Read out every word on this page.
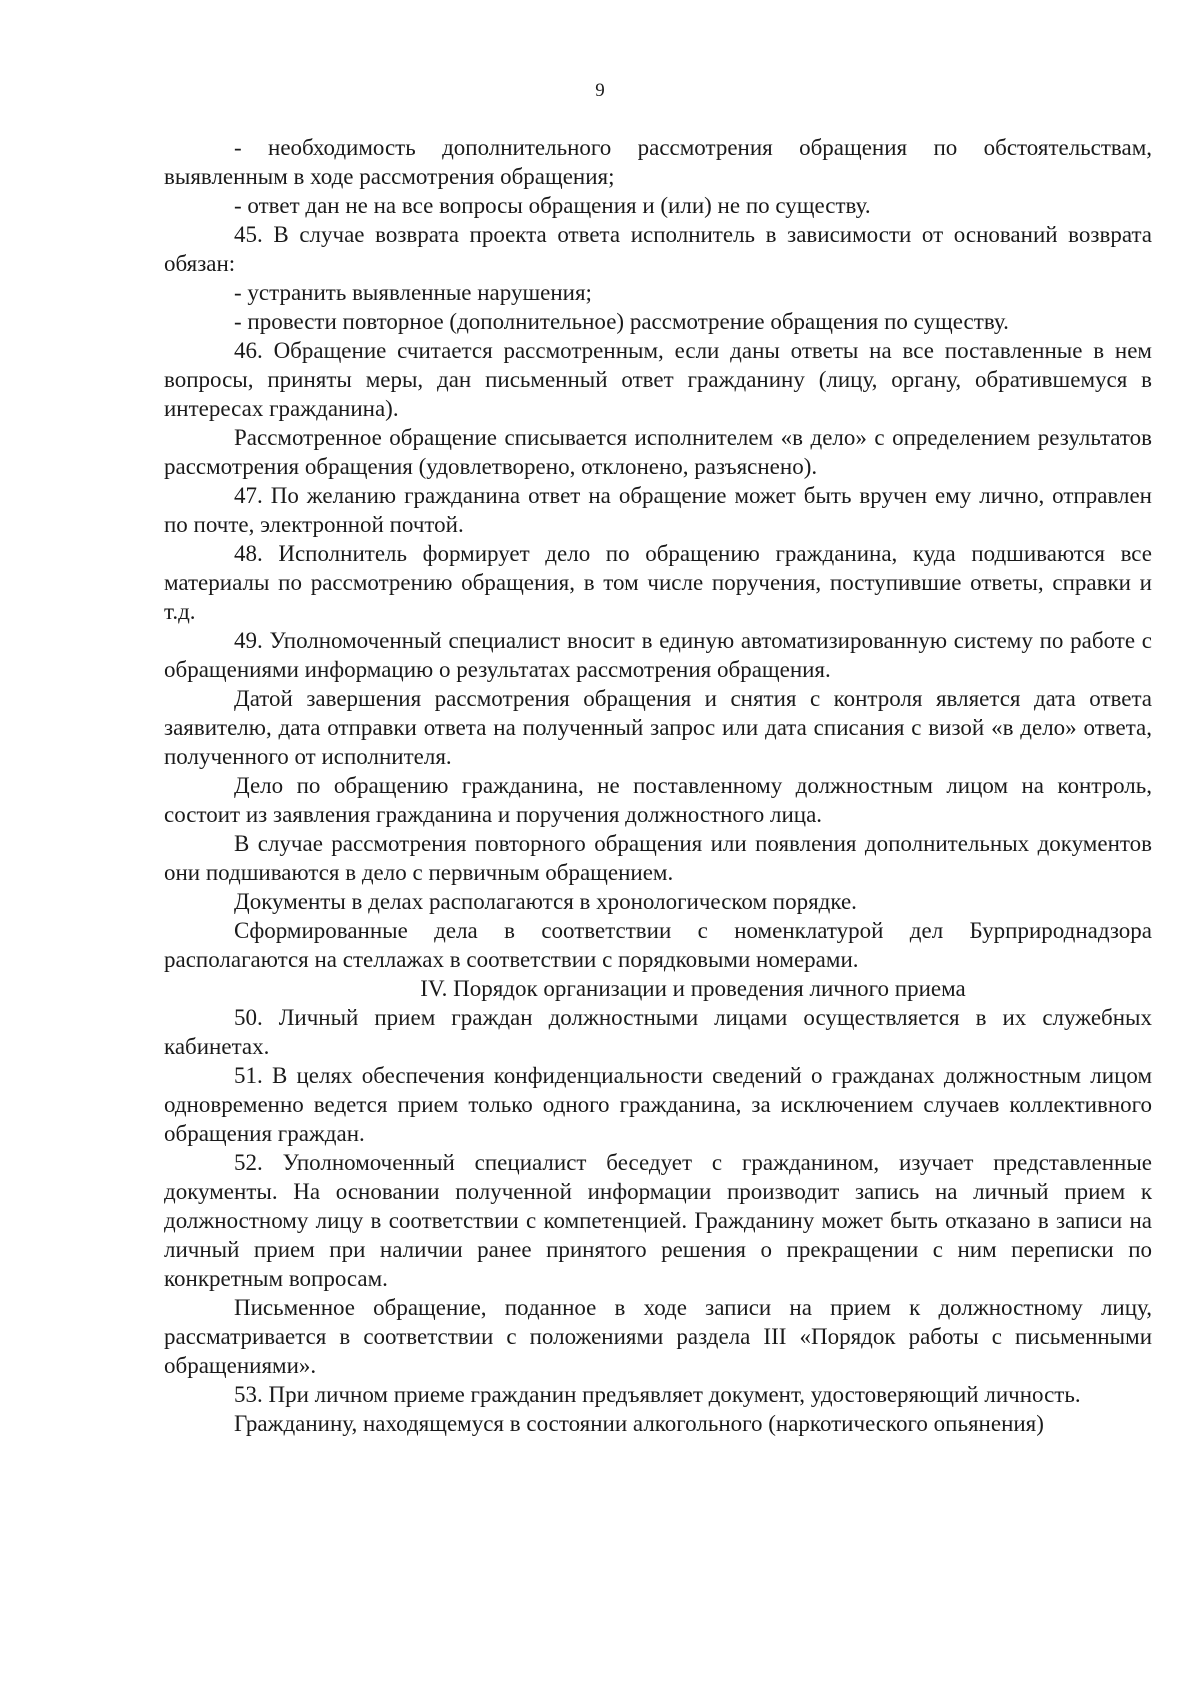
9

- необходимость дополнительного рассмотрения обращения по обстоятельствам, выявленным в ходе рассмотрения обращения;

- ответ дан не на все вопросы обращения и (или) не по существу.

45. В случае возврата проекта ответа исполнитель в зависимости от оснований возврата обязан:

- устранить выявленные нарушения;

- провести повторное (дополнительное) рассмотрение обращения по существу.

46. Обращение считается рассмотренным, если даны ответы на все поставленные в нем вопросы, приняты меры, дан письменный ответ гражданину (лицу, органу, обратившемуся в интересах гражданина).

Рассмотренное обращение списывается исполнителем «в дело» с определением результатов рассмотрения обращения (удовлетворено, отклонено, разъяснено).

47. По желанию гражданина ответ на обращение может быть вручен ему лично, отправлен по почте, электронной почтой.

48. Исполнитель формирует дело по обращению гражданина, куда подшиваются все материалы по рассмотрению обращения, в том числе поручения, поступившие ответы, справки и т.д.

49. Уполномоченный специалист вносит в единую автоматизированную систему по работе с обращениями информацию о результатах рассмотрения обращения.

Датой завершения рассмотрения обращения и снятия с контроля является дата ответа заявителю, дата отправки ответа на полученный запрос или дата списания с визой «в дело» ответа, полученного от исполнителя.

Дело по обращению гражданина, не поставленному должностным лицом на контроль, состоит из заявления гражданина и поручения должностного лица.

В случае рассмотрения повторного обращения или появления дополнительных документов они подшиваются в дело с первичным обращением.

Документы в делах располагаются в хронологическом порядке.

Сформированные дела в соответствии с номенклатурой дел Бурприроднадзора располагаются на стеллажах в соответствии с порядковыми номерами.

IV. Порядок организации и проведения личного приема

50. Личный прием граждан должностными лицами осуществляется в их служебных кабинетах.

51. В целях обеспечения конфиденциальности сведений о гражданах должностным лицом одновременно ведется прием только одного гражданина, за исключением случаев коллективного обращения граждан.

52. Уполномоченный специалист беседует с гражданином, изучает представленные документы. На основании полученной информации производит запись на личный прием к должностному лицу в соответствии с компетенцией. Гражданину может быть отказано в записи на личный прием при наличии ранее принятого решения о прекращении с ним переписки по конкретным вопросам.

Письменное обращение, поданное в ходе записи на прием к должностному лицу, рассматривается в соответствии с положениями раздела III «Порядок работы с письменными обращениями».

53. При личном приеме гражданин предъявляет документ, удостоверяющий личность.

Гражданину, находящемуся в состоянии алкогольного (наркотического опьянения)
